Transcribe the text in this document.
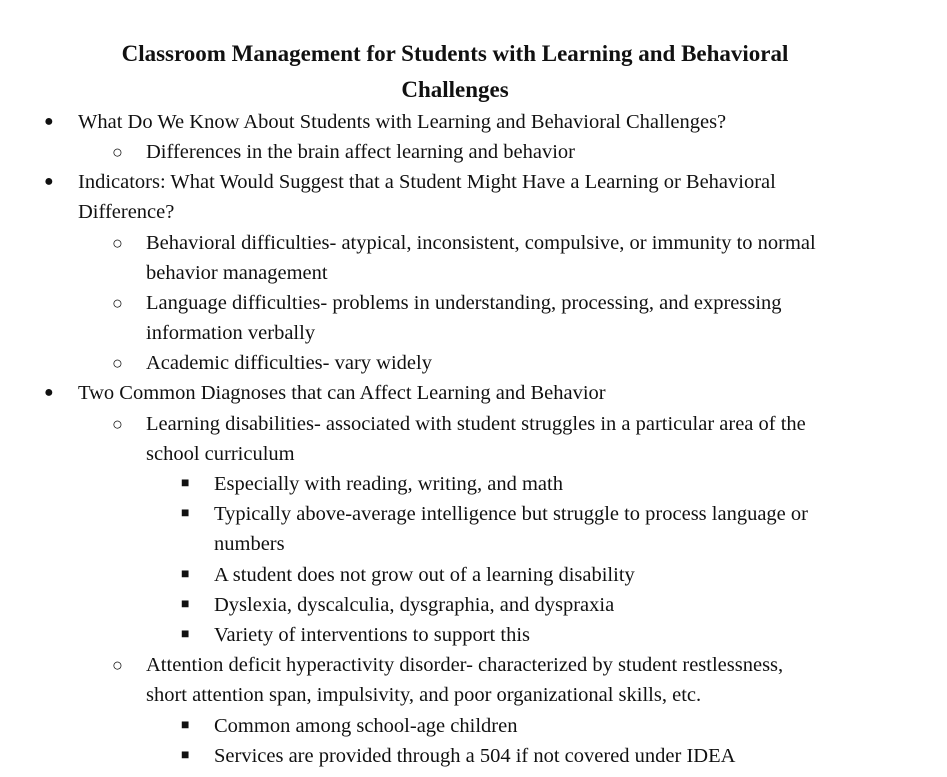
Classroom Management for Students with Learning and Behavioral
Challenges
● What Do We Know About Students with Learning and Behavioral Challenges?
○ Differences in the brain affect learning and behavior
● Indicators: What Would Suggest that a Student Might Have a Learning or Behavioral
Difference?
○ Behavioral difficulties- atypical, inconsistent, compulsive, or immunity to normal
behavior management
○ Language difficulties- problems in understanding, processing, and expressing
information verbally
○ Academic difficulties- vary widely
● Two Common Diagnoses that can Affect Learning and Behavior
○ Learning disabilities- associated with student struggles in a particular area of the
school curriculum
■ Especially with reading, writing, and math
■ Typically above-average intelligence but struggle to process language or
numbers
■ A student does not grow out of a learning disability
■ Dyslexia, dyscalculia, dysgraphia, and dyspraxia
■ Variety of interventions to support this
○ Attention deficit hyperactivity disorder- characterized by student restlessness,
short attention span, impulsivity, and poor organizational skills, etc.
■ Common among school-age children
■ Services are provided through a 504 if not covered under IDEA
